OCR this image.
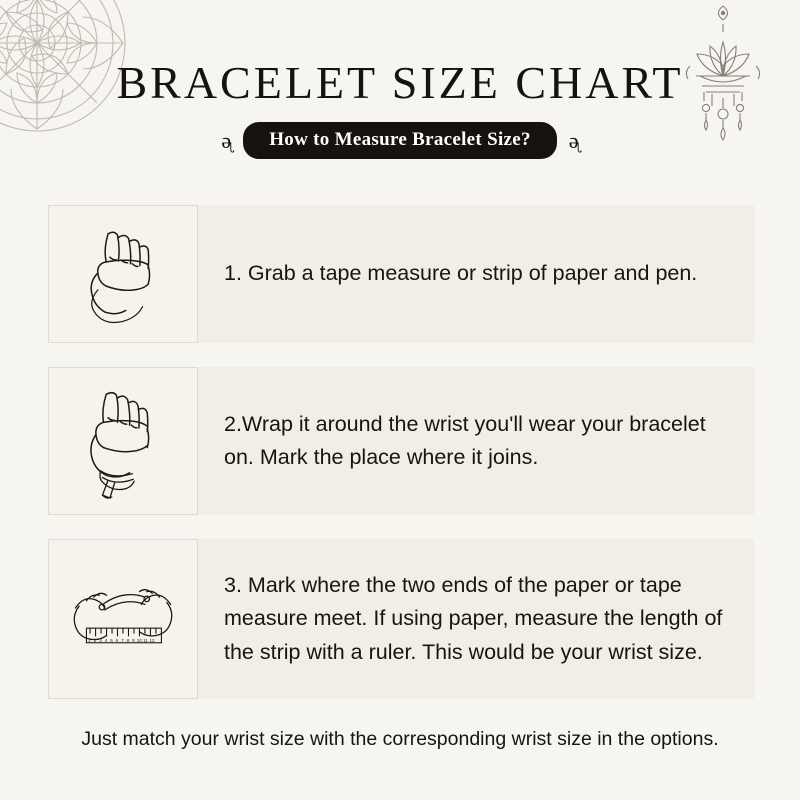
BRACELET SIZE CHART
ᶕ	How to Measure Bracelet Size?	ᶕ
1. Grab a tape measure or strip of paper and pen.
2.Wrap it around the wrist you'll wear your bracelet on. Mark the place where it joins.
1 2 3 4 5 6 7 8 9 10 11 12
3. Mark where the two ends of the paper or tape measure meet. If using paper, measure the length of the strip with a ruler. This would be your wrist size.
Just match your wrist size with the corresponding wrist size in the options.
